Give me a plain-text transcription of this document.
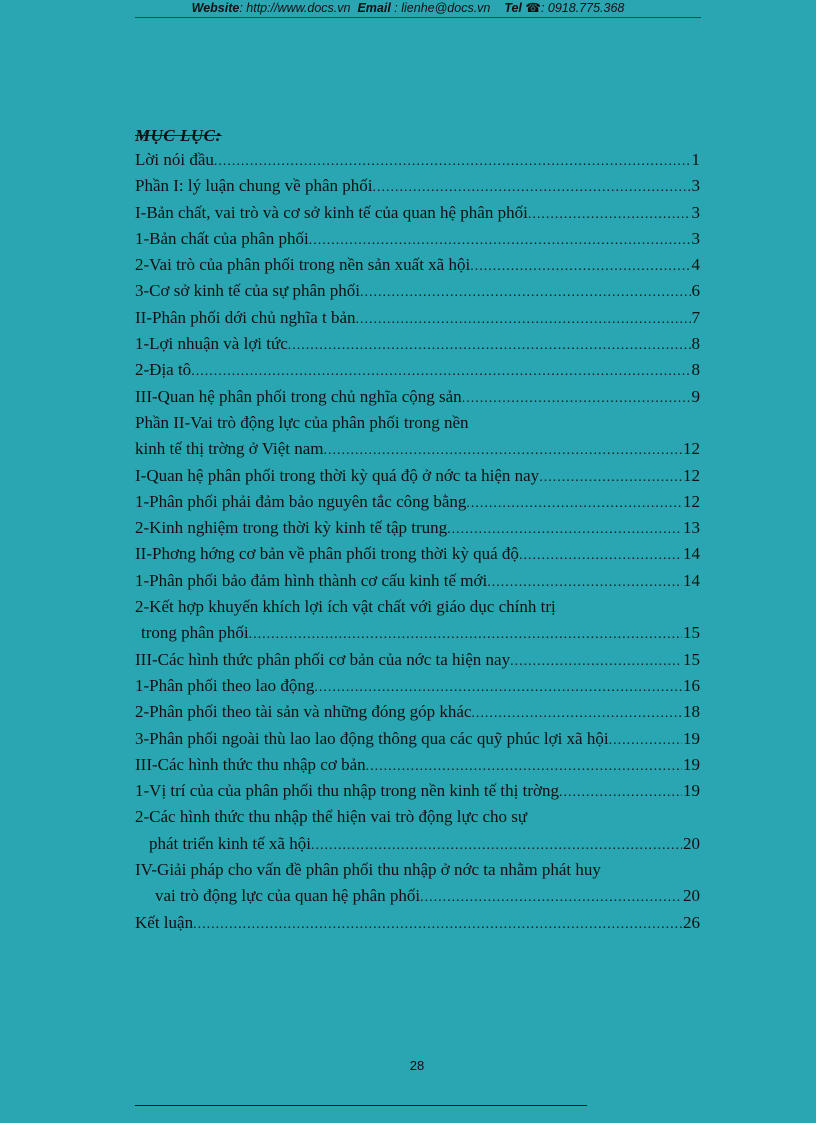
Website: http://www.docs.vn Email : lienhe@docs.vn Tel ☎: 0918.775.368
MỤC LỤC:
Lời nói đầu .....	1
Phần I: lý luận chung về phân phối .....	3
I-Bản chất, vai trò và cơ sở kinh tế của quan hệ phân phối .....	3
1-Bản chất của phân phối .....	3
2-Vai trò của phân phối trong nền sản xuất xã hội .....	4
3-Cơ sở kinh tế của sự phân phối .....	6
II-Phân phối dới chủ nghĩa t bản .....	7
1-Lợi nhuận và lợi tức .....	8
2-Địa tô .....	8
III-Quan hệ phân phối trong chủ nghĩa cộng sản .....	9
Phần II-Vai trò động lực của phân phối trong nền
kinh tế thị trờng ở Việt nam .....	12
I-Quan hệ phân phối trong thời kỳ quá độ ở nớc ta hiện nay .....	12
1-Phân phối phải đảm bảo nguyên tắc công bằng .....	12
2-Kinh nghiệm trong thời kỳ kinh tế tập trung .....	13
II-Phơng hớng cơ bản về phân phối trong thời kỳ quá độ .....	14
1-Phân phối bảo đảm hình thành cơ cấu kinh tế mới .....	14
2-Kết hợp khuyến khích lợi ích vật chất với giáo dục chính trị
trong phân phối .....	15
III-Các hình thức phân phối cơ bản của nớc ta hiện nay .....	15
1-Phân phối theo lao động .....	16
2-Phân phối theo tài sản và những đóng góp khác .....	18
3-Phân phối ngoài thù lao lao động thông qua các quỹ phúc lợi xã hội .....	19
III-Các hình thức thu nhập cơ bản .....	19
1-Vị trí của của phân phối thu nhập trong nền kinh tế thị trờng .....	19
2-Các hình thức thu nhập thể hiện vai trò động lực cho sự
phát triển kinh tế xã hội .....	20
IV-Giải pháp cho vấn đề phân phối thu nhập ở nớc ta nhằm phát huy
vai trò động lực của quan hệ phân phối .....	20
Kết luận .....	26
28
